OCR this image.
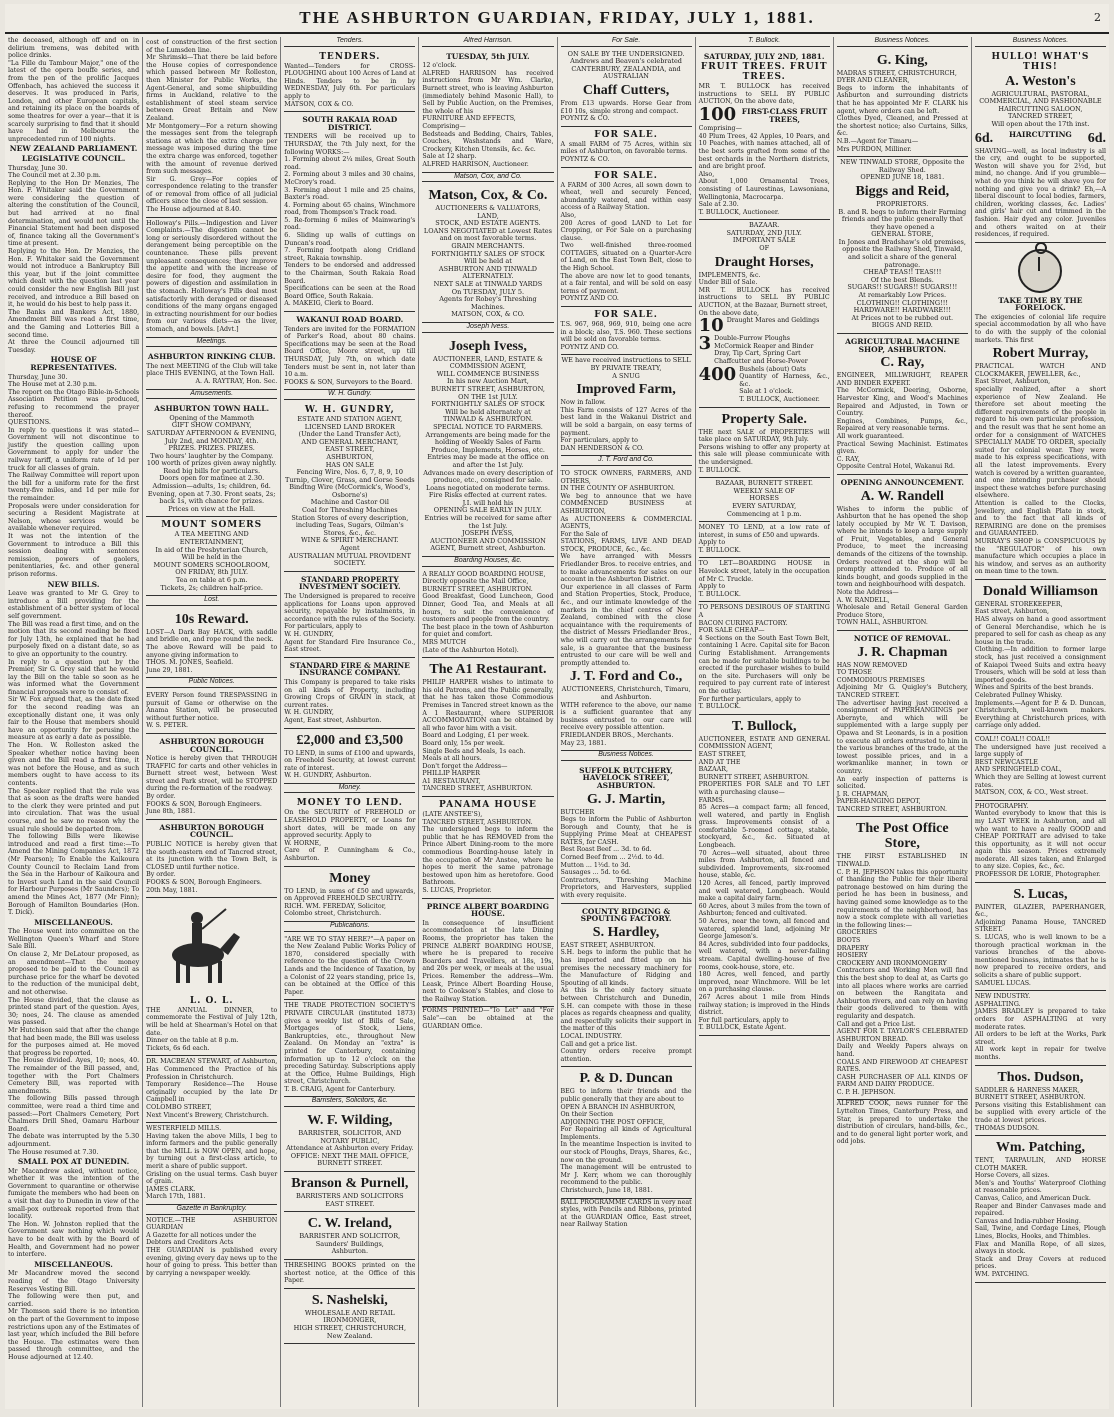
THE ASHBURTON GUARDIAN, FRIDAY, JULY 1, 1881.	2
the deceased, although off and on in delirium tremens, was debited with police drinks.
"La Fille du Tambour Major," one of the latest of the opera bouffe series, and from the pen of the prolific Jacques Offenbach, has achieved the success it deserves. It was produced in Paris, London, and other European capitals, and retaining its place on the boards of some theatres for over a year—that it is scarcely surprising to find that it should have had in Melbourne the unprecedented run of 100 nights.
NEW ZEALAND PARLIAMENT.
LEGISLATIVE COUNCIL.
Thursday, June 30.
The Council met at 2.30 p.m.
Replying to the Hon Dr Menzies, The Hon. F. Whitaker said the Government were considering the question of altering the constitution of the Council, but had arrived at no final determination, and would not until the Financial Statement had been disposed of, finance taking all the Government's time at present.
Replying to the Hon. Dr Menzies, the Hon. F. Whitaker said the Government would not introduce a Bankruptcy Bill this year, but if the joint committee which dealt with the question last year could consider the new English Bill just received, and introduce a Bill based on it, he would do his best to help pass it.
The Banks and Bankers Act, 1880, Amendment Bill was read a first time, and the Gaming and Lotteries Bill a second time.
At three the Council adjourned till Tuesday.
HOUSE OF REPRESENTATIVES.
Thursday, June 30.
The House met at 2.30 p.m.
The report on the Otago Bible-in-Schools Association Petition was produced, refusing to recommend the prayer thereof.
QUESTIONS.
In reply to questions it was stated—Government will not discontinue to justify the question calling upon Government to apply for under the railway tariff, a uniform rate of 1d per truck for all classes of grain.
The Railway Committee will report upon the bill for a uniform rate for the first twenty-five miles, and 1d per mile for the remainder.
Proposals were under consideration for securing a Resident Magistrate at Nelson, whose services would be available whenever required.
It was not the intention of the Government to introduce a Bill this session dealing with sentences remission, powers of gaolers, penitentiaries, &c. and other general prison reforms.
NEW BILLS.
Leave was granted to Mr G. Grey to introduce a Bill providing for the establishment of a better system of local self government.
The Bill was read a first time, and on the motion that its second reading be fixed for July 13th, he explained that he had purposely fixed on a distant date, so as to give an opportunity to the country.
In reply to a question put by the Premier, Sir G. Grey said that he would lay the Bill on the table so soon as he was informed what the Government financial proposals were to consist of.
Sir W. Fox argued that, as the date fixed for the second reading was an exceptionally distant one, it was only fair to the House that members should have an opportunity for perusing the measure at as early a date as possible.
The Hon. W. Rolleston asked the Speaker whether notice having been given and the Bill read a first time, it was not before the House, and as such members ought to have access to its contents.
The Speaker replied that the rule was that as soon as the drafts were handed to the clerk they were printed and put into circulation. That was the usual course, and he saw no reason why the usual rule should be departed from.
The following Bills were likewise introduced and read a first time:—To Amend the Mining Companies Act, 1872 (Mr Pearson); To Enable the Kaikoura County Council to Reclaim Land from the Sea in the Harbour of Kaikoura and to Invest such Land in the said Council for Harbour Purposes (Mr Saunders); To amend the Mines Act, 1877 (Mr Finn); Borough of Hamilton Boundaries (Hon. T. Dick).
MISCELLANEOUS.
The House went into committee on the Wellington Queen's Wharf and Store Sale Bill.
On clause 2, Mr DeLatour proposed, as an amendment—That the money proposed to be paid to the Council as purchase price for the wharf be devoted to the reduction of the municipal debt, and not otherwise.
The House divided, that the clause as printed stand part of the question. Ayes, 30; noes, 24. The clause as amended was passed.
Mr Hutchison said that after the change that had been made, the Bill was useless for the purposes aimed at. He moved that progress be reported.
The House divided. Ayes, 10; noes, 40. The remainder of the Bill passed, and, together with the Port Chalmers Cemetery Bill, was reported with amendments.
The following Bills passed through committee, were read a third time and passed:—Port Chalmers Cemetery, Port Chalmers Drill Shed, Oamaru Harbour Board.
The debate was interrupted by the 5.30 adjournment.
The House resumed at 7.30.
SMALL POX AT DUNEDIN.
Mr Macandrew asked, without notice, whether it was the intention of the Government to quarantine or otherwise fumigate the members who had been on a visit that day to Dunedin in view of the small-pox outbreak reported from that locality.
The Hon. W. Johnston replied that the Government saw nothing which would have to be dealt with by the Board of Health, and Government had no power to interfere.
MISCELLANEOUS.
Mr Macandrew moved the second reading of the Otago University Reserves Vesting Bill.
The following were then put, and carried.
Mr Thomson said there is no intention on the part of the Government to impose restrictions upon any of the Estimates of last year, which included the Bill before the House. The estimates were then passed through committee, and the House adjourned at 12.40.
cost of construction of the first section of the Lumsden line.
Mr Shrimski—That there be laid before the House copies of correspondence which passed between Mr Rolleston, then Minister for Public Works, the Agent-General, and some shipbuilding firms in Auckland, relative to the establishment of steel steam service between Great Britain and New Zealand.
Mr Montgomery—For a return showing the messages sent from the telegraph stations at which the extra charge per message was imposed during the time the extra charge was enforced, together with the amount of revenue derived from such messages.
Sir G. Grey—For copies of correspondence relating to the transfer of or removal from office of all judicial officers since the close of last session.
The House adjourned at 8.40.
Holloway's Pills.—Indigestion and Liver Complaints.—The digestion cannot be long or seriously disordered without the derangement being perceptible on the countenance. These pills prevent unpleasant consequences; they improve the appetite and with the increase of desire for food, they augment the powers of digestion and assimilation in the stomach. Holloway's Pills deal most satisfactorily with deranged or diseased conditions of the many organs engaged in extracting nourishment for our bodies from our various diets—as the liver, stomach, and bowels. [Advt.]
Meetings.
ASHBURTON RINKING CLUB.
The next MEETING of the Club will take place THIS EVENING, at the Town Hall.
A. A. RAYTRAY, Hon. Sec.
Amusements.
ASHBURTON TOWN HALL.
Opening of the Mammoth
GIFT SHOW COMPANY,
SATURDAY AFTERNOON & EVENING, July 2nd, and MONDAY, 4th.
PRIZES. PRIZES. PRIZES.
Two hours' laughter by the Company. 100 worth of prizes given away nightly. Read big bills for particulars.
Doors open for matinee at 2.30. Admission—adults, 1s; children, 6d. Evening, open at 7.30. Front seats, 2s; back 1s, with chance for prizes.
Prices on view at the Hall.
MOUNT SOMERS
A TEA MEETING AND ENTERTAINMENT,
In aid of the Presbyterian Church,
Will be held in the
MOUNT SOMERS SCHOOLROOM,
ON FRIDAY, 8th JULY.
Tea on table at 6 p.m.
Tickets, 2s; children half-price.
Lost.
10s Reward.
LOST—A Dark Bay HACK, with saddle and bridle on, and rope round the neck.
The above Reward will be paid to anyone giving information to
THOS. M. JONES, Seafield.
June 29, 1881.
Public Notices.
EVERY Person found TRESPASSING in pursuit of Game or otherwise on the Anama Station, will be prosecuted without further notice.
W. S. PETER.
ASHBURTON BOROUGH COUNCIL.
Notice is hereby given that THROUGH TRAFFIC for carts and other vehicles in Burnett street west, between West street and Park street, will be STOPPED during the re-formation of the roadway.
By order.
FOOKS & SON, Borough Engineers.
June 8th, 1881.
ASHBURTON BOROUGH COUNCIL.
PUBLIC NOTICE is hereby given that the south-eastern end of Tancred street, at its junction with the Town Belt, is CLOSED until further notice.
By order.
FOOKS & SON, Borough Engineers.
20th May, 1881.
L. O. L.
THE ANNUAL DINNER, to commemorate the Festival of July 12th, will be held at Shearman's Hotel on that date.
Dinner on the table at 8 p.m.
Tickets, 6s 6d each.
DR. MACBEAN STEWART, of Ashburton, Has Commenced the Practice of his Profession in Christchurch.
Temporary Residence—The House originally occupied by the late Dr Campbell in
COLOMBO STREET,
Next Vincent's Brewery, Christchurch.
WESTERFIELD MILLS.
Having taken the above Mills, I beg to inform farmers and the public generally that the MILL is NOW OPEN, and hope, by turning out a first-class article, to merit a share of public support.
Grisling on the usual terms. Cash buyer of grain.
JAMES CLARK.
March 17th, 1881.
Gazette in Bankruptcy.
NOTICE.—THE ASHBURTON GUARDIAN
A Gazette for all notices under the
Debtors and Creditors Acts
THE GUARDIAN is published every evening, giving every day news up to the hour of going to press. This better than by carrying a newspaper weekly.
Tenders.
TENDERS.
Wanted—Tenders for CROSS-PLOUGHING about 100 Acres of Land at Hinds. Tenders to be in by WEDNESDAY, July 6th. For particulars apply to
MATSON, COX & CO.
SOUTH RAKAIA ROAD DISTRICT.
TENDERS will be received up to THURSDAY, the 7th July next, for the following WORKS:—
1. Forming about 2¼ miles, Great South road.
2. Forming about 3 miles and 30 chains, McCrory's road.
3. Forming about 1 mile and 25 chains, Baxter's road.
4. Forming about 65 chains, Winchmore road, from Thompson's Track road.
5. Re-forming 6 miles of Mainwaring's road.
6. Sliding up walls of cuttings on Duncan's road.
7. Forming footpath along Cridland street, Rakaia township.
Tenders to be endorsed and addressed to the Chairman, South Rakaia Road Board.
Specifications can be seen at the Road Board Office, South Rakaia.
A. MAKEIG, Clerk to Board.
WAKANUI ROAD BOARD.
Tenders are invited for the FORMATION of Parker's Road, about 80 chains. Specifications may be seen at the Road Board Office, Moore street, up till THURSDAY, July 7th, on which date Tenders must be sent in, not later than 10 a.m.
FOOKS & SON, Surveyors to the Board.
W. H. Gundry.
W. H. GUNDRY,
ESTATE AND STATION AGENT,
LICENSED LAND BROKER
(Under the Land Transfer Act),
AND GENERAL MERCHANT,
EAST STREET,
ASHBURTON,
HAS ON SALE
Fencing Wire, Nos. 6, 7, 8, 9, 10
Turnip, Clover, Grass, and Gorse Seeds
Bindtng Wire (McCormick's, Wood's, Osborne's)
Machine and Castor Oil
Coal for Threshing Machines
Station Stores of every description, including Teas, Sugars, Oilman's Stores, &c., &c.
WINE & SPIRIT MERCHANT.
Agent
AUSTRALIAN MUTUAL PROVIDENT SOCIETY.
STANDARD PROPERTY INVESTMENT SOCIETY.
The Undersigned is prepared to receive applications for Loans upon approved security, repayable by instalments, in accordance with the rules of the Society. For particulars, apply to
W. H. GUNDRY,
Agent for Standard Fire Insurance Co., East street.
STANDARD FIRE & MARINE INSURANCE COMPANY.
This Company is prepared to take risks on all kinds of Property, including Growing Crops of GRAIN in stack, at current rates.
W. H. GUNDRY,
Agent, East street, Ashburton.
£2,000 and £3,500
TO LEND, in sums of £100 and upwards, on Freehold Security, at lowest current rate of interest.
W. H. GUNDRY, Ashburton.
Money.
MONEY TO LEND.
On the SECURITY of FREEHOLD or LEASEHOLD PROPERTY, or Loans for short dates, will be made on any approved security. Apply to
W. HORNE,
Care of P. Cunningham & Co., Ashburton.
Money
TO LEND, in sums of £50 and upwards, on Approved FREEHOLD SECURITY.
RICH. WM. FEREDAY, Solicitor,
Colombo street, Christchurch.
Publications.
"ARE WE TO STAY HERE?"—A paper on the New Zealand Public Works Policy of 1870, considered specially with reference to the question of the Crown Lands and the Incidence of Taxation, by a Colonist of 22 years standing, price 1s, can be obtained at the Office of this Paper.
THE TRADE PROTECTION SOCIETY'S PRIVATE CIRCULAR (instituted 1873) gives a weekly list of Bills of Sale, Mortgages of Stock, Liens, Bankruptcies, etc., throughout New Zealand. On Monday an "extra" is printed for Canterbury, containing information up to 12 o'clock on the preceding Saturday. Subscriptions apply at the Office, Hulme Buildings, High street, Christchurch.
T. B. CRAIG, Agent for Canterbury.
Barristers, Solicitors, &c.
W. F. Wilding,
BARRISTER, SOLICITOR, AND NOTARY PUBLIC,
Attendance at Ashburton every Friday.
OFFICE: NEXT THE MAIL OFFICE, BURNETT STREET.
Branson & Purnell,
BARRISTERS AND SOLICITORS
EAST STREET.
C. W. Ireland,
BARRISTER AND SOLICITOR,
Saunders' Buildings,
Ashburton.
THRESHING BOOKS printed on the shortest notice, at the Office of this Paper.
S. Nashelski,
WHOLESALE AND RETAIL IRONMONGER,
HIGH STREET, CHRISTCHURCH,
New Zealand.
Alfred Harrison.
TUESDAY, 5th JULY.
12 o'clock.
ALFRED HARRISON has received instructions from Mr Wm. Clarke, Burnett street, who is leaving Ashburton (immediately behind Masonic Hall), to Sell by Public Auction, on the Premises, the whole of his
FURNITURE AND EFFECTS,
Comprising—
Bedsteads and Bedding, Chairs, Tables, Couches, Washstands and Ware, Crockery, Kitchen Utensils, &c. &c.
Sale at 12 sharp.
ALFRED HARRISON, Auctioneer.
Matson, Cox, and Co.
Matson, Cox, & Co.
AUCTIONEERS & VALUATORS,
LAND,
STOCK, AND ESTATE AGENTS.
LOANS NEGOTIATED at Lowest Rates and on most favorable terms.
GRAIN MERCHANTS.
FORTNIGHTLY SALES OF STOCK
Will be held at
ASHBURTON AND TINWALD
ALTERNATELY.
NEXT SALE at TINWALD YARDS
On TUESDAY, JULY 5.
Agents for Robey's Threshing Machines.
MATSON, COX, & CO.
Joseph Ivess.
Joseph Ivess,
AUCTIONEER, LAND, ESTATE & COMMISSION AGENT,
WILL COMMENCE BUSINESS
In his new Auction Mart,
BURNETT STREET, ASHBURTON,
ON THE 1st JULY.
FORTNIGHTLY SALES OF STOCK
Will be held alternately at
TINWALD & ASHBURTON.
SPECIAL NOTICE TO FARMERS.
Arrangements are being made for the holding of Weekly Sales of Farm Produce, Implements, Horses, etc.
Entries may be made at the office on and after the 1st July.
Advances made on every description of produce, etc., consigned for sale.
Loans negotiated on moderate terms.
Fire Risks effected at current rates.
J.I. will hold his
OPENING SALE EARLY IN JULY.
Entries will be received for same after the 1st July.
JOSEPH IVESS,
AUCTIONEER AND COMMISSION AGENT, Burnett street, Ashburton.
Boarding Houses, &c.
A REALLY GOOD BOARDING HOUSE,
Directly opposite the Mail Office,
BURNETT STREET, ASHBURTON.
Good Breakfast, Good Luncheon, Good Dinner, Good Tea, and Meals at all hours, to suit the convenience of customers and people from the country.
The best place in the town of Ashburton for quiet and comfort.
MRS MUTCH
(Late of the Ashburton Hotel).
The A1 Restaurant.
PHILIP HARPER wishes to intimate to his old Patrons, and the Public generally, that he has taken those Commodious Premises in Tancred street known as the A 1 Restaurant, where SUPERIOR ACCOMMODATION can be obtained by all who favor him with a visit.
Board and Lodging, £1 per week.
Board only, 15s per week.
Single Beds and Meals, 1s each.
Meals at all hours.
Don't forget the Address—
PHILLIP HARPER
A1 RESTAURANT,
TANCRED STREET, ASHBURTON.
PANAMA HOUSE
(LATE ANSTEE'S),
TANCRED STREET, ASHBURTON.
The undersigned begs to inform the public that he has REMOVED from the Prince Albert Dining-room to the more commodious Boarding-house lately in the occupation of Mr Anstee, where he hopes to merit the same patronage bestowed upon him as heretofore. Good Bathroom.
S. LUCAS, Proprietor.
PRINCE ALBERT BOARDING HOUSE.
In consequence of insufficient accommodation at the late Dining Rooms, the proprietor has taken the PRINCE ALBERT BOARDING HOUSE, where he is prepared to receive Boarders and Travellers, at 18s, 19s, and 20s per week, or meals at the usual Prices. Remember the address—Wm. Leask, Prince Albert Boarding House, next to Cookson's Stables, and close to the Railway Station.
FORMS PRINTED—"To Let" and "For Sale"—can be obtained at the GUARDIAN Office.
For Sale.
ON SALE BY THE UNDERSIGNED.
Andrews and Beaven's celebrated CANTERBURY, ZEALANDIA, and AUSTRALIAN
Chaff Cutters,
From £13 upwards. Horse Gear from £10 10s, simple strong and compact.
POYNTZ & CO.
FOR SALE.
A small FARM of 75 Acres, within six miles of Ashburton, on favorable terms.
POYNTZ & CO.
FOR SALE.
A FARM of 300 Acres, all sown down to wheat, well and securely Fenced, abundantly watered, and within easy access of a Railway Station.
Also,
200 Acres of good LAND to Let for Cropping, or For Sale on a purchasing clause.
Two well-finished three-roomed COTTAGES, situated on a Quarter-Acre of Land, on the East Town Belt, close to the High School.
The above are now let to good tenants, at a fair rental, and will be sold on easy terms of payment.
POYNTZ AND CO.
FOR SALE.
T.S. 967, 968, 969, 910, being one acre in a block; also, T.S. 960. These sections will be sold on favorable terms.
POYNTZ AND CO.
WE have received instructions to SELL BY PRIVATE TREATY,
A SNUG
Improved Farm,
Now in fallow.
This Farm consists of 127 Acres of the best land in the Wakanui District and will be sold a bargain, on easy terms of payment.
For particulars, apply to
DAN HENDERSON & CO.
J. T. Ford and Co.
TO STOCK OWNERS, FARMERS, AND OTHERS,
IN THE COUNTY OF ASHBURTON.
We beg to announce that we have COMMENCED BUSINESS at ASHBURTON,
As AUCTIONEERS & COMMERCIAL AGENTS,
For the Sale of
STATIONS, FARMS, LIVE AND DEAD STOCK, PRODUCE, &c., &c.
We have arranged with Messrs Friedlander Bros. to receive entries, and to make advancements for sales on our account in the Ashburton District.
Our experience in all classes of Farm and Station Properties, Stock, Produce, &c., and our intimate knowledge of the markets in the chief centres of New Zealand, combined with the close acquaintance with the requirements of the district of Messrs Friedlander Bros., who will carry out the arrangements for sale, is a guarantee that the business entrusted to our care will be well and promptly attended to.
J. T. Ford and Co.,
AUCTIONEERS, Christchurch, Timaru, and Ashburton.
WITH reference to the above, our name is a sufficient guarantee that any business entrusted to our care will receive every possible attention.
FRIEDLANDER BROS., Merchants.
May 23, 1881.
Business Notices.
SUFFOLK BUTCHERY, HAVELOCK STREET, ASHBURTON.
G. J. Martin,
BUTCHER
Begs to inform the Public of Ashburton Borough and County, that he is Supplying Prime Meat at CHEAPEST RATES, for CASH.
Best Roast Beef ... 3d. to 6d.
Corned Beef from ... 2½d. to 4d.
Mutton ... 1½d. to 3d.
Sausages ... 5d. to 6d.
Contractors, Threshing Machine Proprietors, and Harvesters, supplied with every requisite.
COUNTY RIDGING & SPOUTING FACTORY.
S. Hardley,
EAST STREET, ASHBURTON.
S.H. begs to inform the public that he has imported and fitted up on his premises the necessary machinery for the Manufacture of Ridging and Spouting of all kinds.
As this is the only factory situate between Christchurch and Dunedin, S.H. can compete with those in these places as regards cheapness and quality, and respectfully solicits their support in the matter of this
LOCAL INDUSTRY.
Call and get a price list.
Country orders receive prompt attention.
P. & D. Duncan
BEG to inform their friends and the public generally that they are about to
OPEN A BRANCH IN ASHBURTON,
On their Section
ADJOINING THE POST OFFICE,
For Repairing all kinds of Agricultural Implements.
In the meantime Inspection is invited to our stock of Ploughs, Drays, Shares, &c., now on the ground.
The management will be entrusted to Mr J. Kerr, whom we can thoroughly recommend to the public.
Christchurch, June 18, 1881.
BALL PROGRAMME CARDS in very neat styles, with Pencils and Ribbons, printed at the GUARDIAN Office, East street, near Railway Station
T. Bullock.
SATURDAY, JULY 2ND, 1881.
FRUIT TREES. FRUIT TREES.
MR T. BULLOCK has received instructions to SELL BY PUBLIC AUCTION, On the above date,
100 FIRST-CLASS FRUIT TREES,
Comprising—
40 Plum Trees, 42 Apples, 10 Pears, and 10 Peaches, with names attached, all of the best sorts grafted from some of the best orchards in the Northern districts, and are bright proof.
Also,
About 1,000 Ornamental Trees, consisting of Laurestinas, Lawsoniana, Wellingtonia, Macrocarpa.
Sale at 2.30.
T. BULLOCK, Auctioneer.
BAZAAR.
SATURDAY, 2ND JULY.
IMPORTANT SALE
OF
Draught Horses,
IMPLEMENTS, &c.
Under Bill of Sale.
MR T. BULLOCK has received instructions to SELL BY PUBLIC AUCTION, at the Bazaar, Burnett street,
On the above date,
10 Draught Mares and Geldings
3 Double-Furrow Ploughs
McCormick Reaper and Binder
Dray, Tip Cart, Spring Cart
Chaffcutter and Horse-Power
400 Bushels (about) Oats
Quantity of Harness, &c., &c.
Sale at 1 o'clock.
T. BULLOCK, Auctioneer.
Property Sale.
THE next SALE of PROPERTIES will take place on SATURDAY, 9th July.
Persons wishing to offer any property at this sale will please communicate with the undersigned.
T. BULLOCK.
BAZAAR, BURNETT STREET.
WEEKLY SALE OF
HORSES
EVERY SATURDAY,
Commencing at 1 p.m.
MONEY TO LEND, at a low rate of interest, in sums of £50 and upwards.
Apply to
T. BULLOCK.
TO LET—BOARDING HOUSE in Havelock street, lately in the occupation of Mr C. Truckle.
Apply to
T. BULLOCK.
TO PERSONS DESIROUS OF STARTING A
BACON CURING FACTORY.
FOR SALE CHEAP—
4 Sections on the South East Town Belt, containing 1 Acre. Capital site for Bacon Curing Establishment. Arrangements can be made for suitable buildings to be erected if the purchaser wishes to build on the site. Purchasers will only be required to pay current rate of interest on the outlay.
For further particulars, apply to
T. BULLOCK.
T. Bullock,
AUCTIONEER, ESTATE AND GENERAL COMMISSION AGENT,
EAST STREET,
AND AT THE
BAZAAR,
BURNETT STREET, ASHBURTON.
PROPERTIES FOR SALE and TO LET with a purchasing clause—
FARMS.
85 Acres—a compact farm; all fenced, well watered, and partly in English grass. Improvements consist of a comfortable 5-roomed cottage, stable, stockyard, &c., &c. Situated at Longbeach.
70 Acres—well situated, about three miles from Ashburton, all fenced and subdivided. Improvements, six-roomed house, stable, &c.
120 Acres, all fenced, partly improved and well watered, Longbeach. Would make a capital dairy farm.
60 Acres, about 3 miles from the town of Ashburton; fenced and cultivated.
50 Acres, near the town, all fenced and watered, splendid land, adjoining Mr George Jameson's.
84 Acres, subdivided into four paddocks, well watered, with a never-failing stream. Capital dwelling-house of five rooms, cook-house, store, etc.
180 Acres, well fenced, and partly improved, near Winchmore. Will be let on a purchasing clause.
267 Acres about 1 mile from Hinds railway station; is improved in the Hinds district.
For full particulars, apply to
T. BULLOCK, Estate Agent.
Business Notices.
G. King,
MADRAS STREET, CHRISTCHURCH,
DYER AND CLEANER,
Begs to inform the inhabitants of Ashburton and surrounding districts that he has appointed Mr F. CLARK his agent, where orders can be left.
Clothes Dyed, Cleaned, and Pressed at the shortest notice; also Curtains, Silks, &c.
N.B.—Agent for Timaru—
Mrs PURDON, Milliner.
NEW TINWALD STORE, Opposite the Railway Shed.
OPENED JUNE 18, 1881.
Biggs and Reid,
PROPRIETORS.
B. and R. begs to inform their Farming friends and the public generally that they have opened a
GENERAL STORE,
In Jones and Bradshaw's old premises, opposite the Railway Shed, Tinwald, and solicit a share of the general patronage.
CHEAP TEAS!! TEAS!!!
Of the best Blends.
SUGARS!! SUGARS!! SUGARS!!!
At remarkably Low Prices.
CLOTHING!! CLOTHING!!!
HARDWARE!! HARDWARE!!!
At Prices not to be rubbed out.
BIGGS AND REID.
AGRICULTURAL MACHINE SHOP, ASHBURTON.
C. Ray,
ENGINEER, MILLWRIGHT, REAPER AND BINDER EXPERT.
The McCormick, Deering, Osborne, Harvester King, and Wood's Machines Repaired and Adjusted, in Town or Country.
Engines, Combines, Pumps, &c., Repaired at very reasonable terms.
All work guaranteed.
Practical Sewing Machinist. Estimates given.
C. RAY,
Opposite Central Hotel, Wakanui Rd.
OPENING ANNOUNCEMENT.
A. W. Randell
Wishes to inform the public of Ashburton that he has opened the shop lately occupied by Mr W. T. Davison, where he intends to keep a large supply of Fruit, Vegetables, and General Produce, to meet the increasing demands of the citizens of the township. Orders received at the shop will be promptly attended to. Produce of all kinds bought, and goods supplied in the town and neighbourhood with despatch.
Note the Address—
A. W. RANDELL,
Wholesale and Retail General Garden Produce Store,
TOWN HALL, ASHBURTON.
NOTICE OF REMOVAL.
J. R. Chapman
HAS NOW REMOVED
TO THOSE
COMMODIOUS PREMISES
Adjoining Mr G. Quigley's Butchery, TANCRED STREET.
The advertiser having just received a consignment of PAPERHANGINGS per Abernyte, and which will be supplemented with a large supply per Opawa and St Leonards, is in a position to execute all orders entrusted to him in the various branches of the trade, at the lowest possible prices, and in a workmanlike manner, in town or country.
An early inspection of patterns is solicited.
J. R. CHAPMAN,
PAPER-HANGING DEPOT,
TANCRED STREET, ASHBURTON.
The Post Office Store,
THE FIRST ESTABLISHED IN TINWALD.
C. P. H. JEPHSON takes this opportunity of thanking the Public for their liberal patronage bestowed on him during the period he has been in business, and having gained some knowledge as to the requirements of the neighborhood, has now a stock complete with all varieties in the following lines:—
GROCERIES
BOOTS
DRAPERY
HOSIERY
CROCKERY AND IRONMONGERY
Contractors and Working Men will find this the best shop to deal at, as Carts go into all places where works are carried on between the Rangitata and Ashburton rivers, and can rely on having their goods delivered to them with regularity and despatch.
Call and get a Price List.
AGENT FOR T. TAYLOR'S CELEBRATED ASHBURTON BREAD.
Daily and Weekly Papers always on hand.
COALS AND FIREWOOD AT CHEAPEST RATES.
CASH PURCHASER OF ALL KINDS OF FARM AND DAIRY PRODUCE.
C. P. H. JEPHSON.
ALFRED COOK, news runner for the Lyttelton Times, Canterbury Press, and Star, is prepared to undertake the distribution of circulars, hand-bills, &c., and to do general light porter work, and odd jobs.
Business Notices.
HULLO! WHAT'S THIS!
A. Weston's
AGRICULTURAL, PASTORAL, COMMERCIAL, AND FASHIONABLE
HAIRCUTTING SALOON,
TANCRED STREET,
Will open about the 17th inst.
6d. HAIRCUTTING 6d.
SHAVING—well, as local industry is all the cry, and ought to be supported, Weston will shave you for 2½d, but mind, no change. And if you grumble—what do you think he will shave you for nothing and give you a drink? Eh,—A liberal discount to local bodies, farmers, children, working classes, &c. Ladies' and girls' hair cut and trimmed in the fashion. Hair dyed any color. Juveniles and others waited on at their residences, if required.
TAKE TIME BY THE FORELOCK.
The exigencies of colonial life require special accommodation by all who have to do with the supply of the colonial markets. This first
Robert Murray,
PRACTICAL WATCH AND CLOCKMAKER, JEWELLER, &c.,
East Street, Ashburton,
specially realized, after a short experience of New Zealand. He therefore set about meeting the different requirements of the people in regard to his own particular profession, and the result was that he sent home an order for a consignment of WATCHES SPECIALLY MADE TO ORDER, specially suited for colonial wear. They were made to his express specifications, with all the latest improvements. Every watch is covered by a written guarantee, and one intending purchaser should inspect these watches before purchasing elsewhere.
Attention is called to the Clocks, Jewellery, and English Plate in stock, and to the fact that all kinds of REPAIRING are done on the premises and GUARANTEED.
MURRAY'S SHOP is CONSPICUOUS by the "REGULATOR" of his own manufacture which occupies a place in his window, and serves as an authority on mean time to the town.
Donald Williamson
GENERAL STOREKEEPER,
East street, Ashburton,
HAS always on hand a good assortment of General Merchandise, which he is prepared to sell for cash as cheap as any house in the trade.
Clothing.—In addition to former large stock, has just received a consignment of Kaiapoi Tweed Suits and extra heavy Trousers, which will be sold at less than imported goods.
Wines and Spirits of the best brands.
Celebrated Pullney Whisky.
Implements.—Agent for P. & D. Duncan, Christchurch, well-known makers. Everything at Christchurch prices, with carriage only added.
COAL!! COAL!! COAL!!
The undersigned have just received a large supply of
BEST NEWCASTLE
AND SPRINGFIELD COAL,
Which they are Selling at lowest current rates.
MATSON, COX, & CO., West street.
PHOTOGRAPHY.
Wanted everybody to know that this is my LAST WEEK in Ashburton, and all who want to have a really GOOD and CHEAP PORTRAIT are advised to take this opportunity, as it will not occur again this season. Prices extremely moderate. All sizes taken, and Enlarged to any size. Copies, &c., &c.
PROFESSOR DE LORIE, Photographer.
S. Lucas,
PAINTER, GLAZIER, PAPERHANGER, &c.,
Adjoining Panama House, TANCRED STREET.
S. LUCAS, who is well known to be a thorough practical workman in the various branches of the above-mentioned business, intimates that he is now prepared to receive orders, and solicits a share of public support.
SAMUEL LUCAS.
NEW INDUSTRY.
ASPHALTING.
JAMES BRADLEY is prepared to take orders for ASPHALTING at very moderate rates.
All orders to be left at the Works, Park street.
All work kept in repair for twelve months.
Thos. Dudson,
SADDLER & HARNESS MAKER,
BURNETT STREET, ASHBURTON.
Persons visiting this Establishment can be supplied with every article of the trade at lowest prices.
THOMAS DUDSON.
Wm. Patching,
TENT, TARPAULIN, AND HORSE CLOTH MAKER.
Horse Covers, all sizes.
Men's and Youths' Waterproof Clothing at reasonable prices.
Canvas, Calico, and American Duck.
Reaper and Binder Canvases made and repaired.
Canvas and India-rubber Hosing.
Sail, Twine, and Cordage Lines, Plough Lines, Blocks, Hooks, and Thimbles.
Flax and Manilla Rope, of all sizes, always in stock.
Stack and Dray Covers at reduced prices.
WM. PATCHING.
